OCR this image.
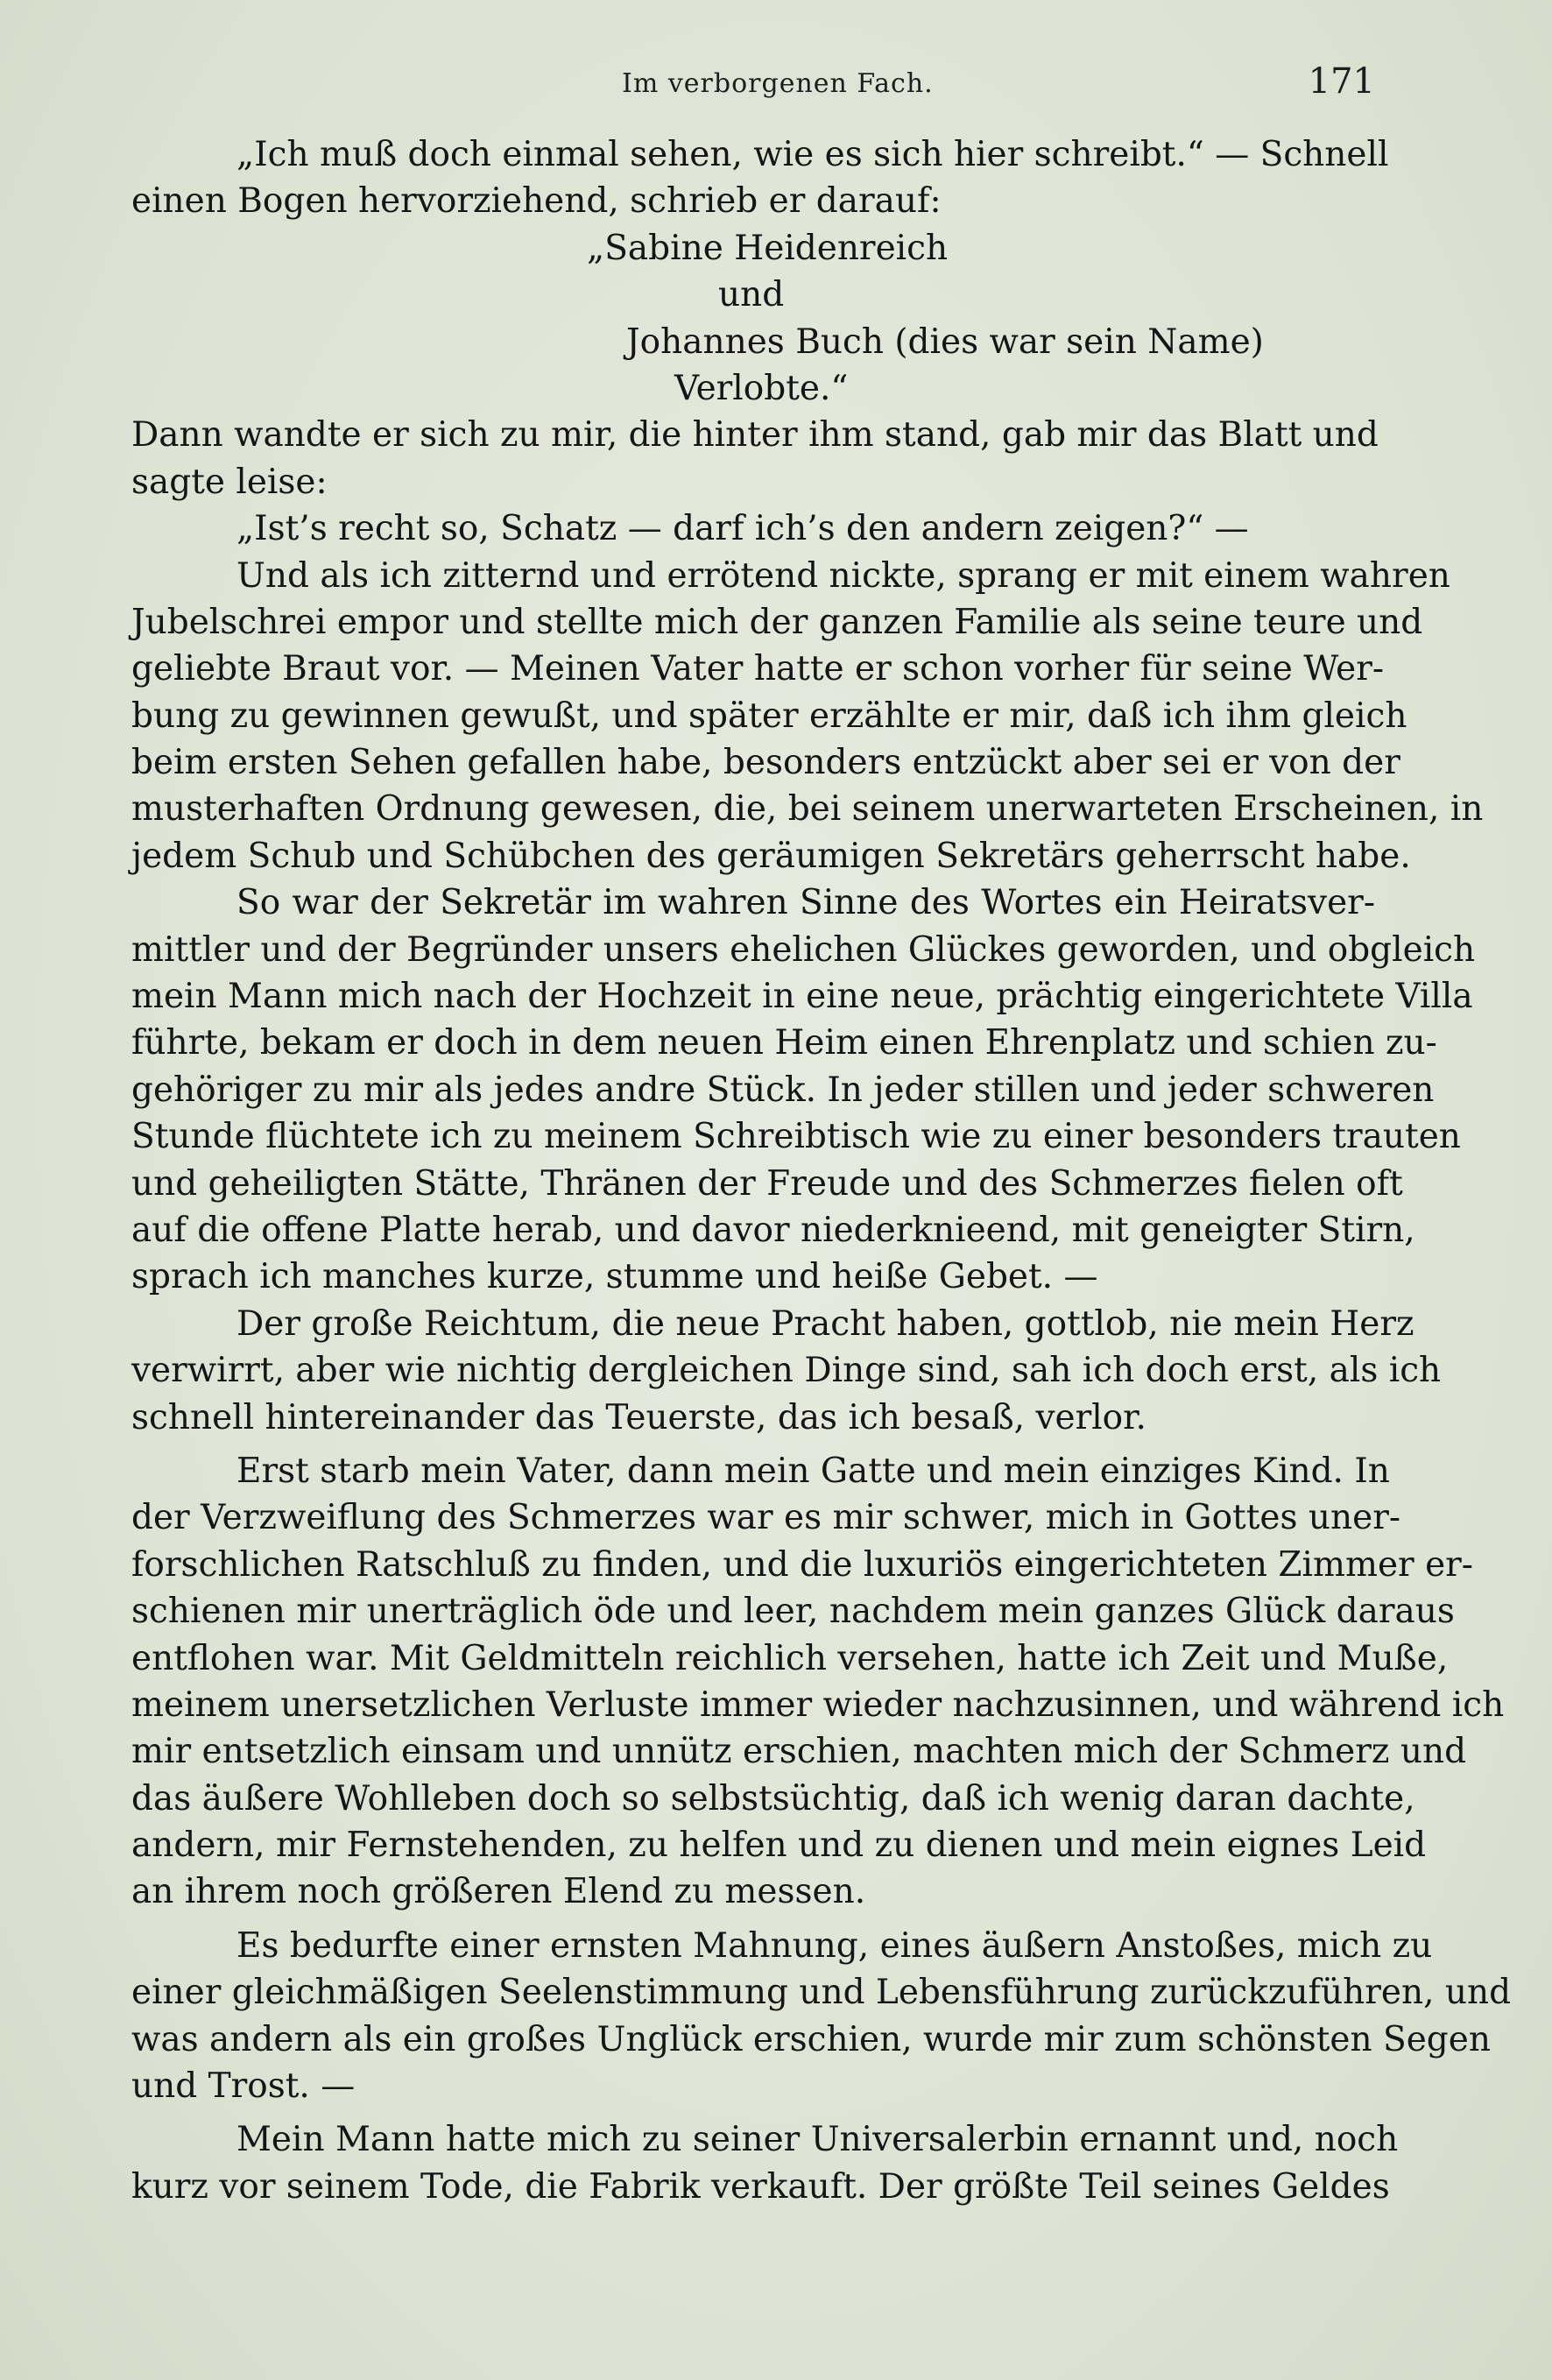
Im verborgenen Fach.	171
„Ich muß doch einmal sehen, wie es sich hier schreibt.“ — Schnell
einen Bogen hervorziehend, schrieb er darauf:
„Sabine Heidenreich
und
Johannes Buch (dies war sein Name)
Verlobte.“
Dann wandte er sich zu mir, die hinter ihm stand, gab mir das Blatt und
sagte leise:
„Ist’s recht so, Schatz — darf ich’s den andern zeigen?“ —
Und als ich zitternd und errötend nickte, sprang er mit einem wahren
Jubelschrei empor und stellte mich der ganzen Familie als seine teure und
geliebte Braut vor. — Meinen Vater hatte er schon vorher für seine Wer-
bung zu gewinnen gewußt, und später erzählte er mir, daß ich ihm gleich
beim ersten Sehen gefallen habe, besonders entzückt aber sei er von der
musterhaften Ordnung gewesen, die, bei seinem unerwarteten Erscheinen, in
jedem Schub und Schübchen des geräumigen Sekretärs geherrscht habe.
So war der Sekretär im wahren Sinne des Wortes ein Heiratsver-
mittler und der Begründer unsers ehelichen Glückes geworden, und obgleich
mein Mann mich nach der Hochzeit in eine neue, prächtig eingerichtete Villa
führte, bekam er doch in dem neuen Heim einen Ehrenplatz und schien zu-
gehöriger zu mir als jedes andre Stück. In jeder stillen und jeder schweren
Stunde flüchtete ich zu meinem Schreibtisch wie zu einer besonders trauten
und geheiligten Stätte, Thränen der Freude und des Schmerzes fielen oft
auf die offene Platte herab, und davor niederknieend, mit geneigter Stirn,
sprach ich manches kurze, stumme und heiße Gebet. —
Der große Reichtum, die neue Pracht haben, gottlob, nie mein Herz
verwirrt, aber wie nichtig dergleichen Dinge sind, sah ich doch erst, als ich
schnell hintereinander das Teuerste, das ich besaß, verlor.
Erst starb mein Vater, dann mein Gatte und mein einziges Kind. In
der Verzweiflung des Schmerzes war es mir schwer, mich in Gottes uner-
forschlichen Ratschluß zu finden, und die luxuriös eingerichteten Zimmer er-
schienen mir unerträglich öde und leer, nachdem mein ganzes Glück daraus
entflohen war. Mit Geldmitteln reichlich versehen, hatte ich Zeit und Muße,
meinem unersetzlichen Verluste immer wieder nachzusinnen, und während ich
mir entsetzlich einsam und unnütz erschien, machten mich der Schmerz und
das äußere Wohlleben doch so selbstsüchtig, daß ich wenig daran dachte,
andern, mir Fernstehenden, zu helfen und zu dienen und mein eignes Leid
an ihrem noch größeren Elend zu messen.
Es bedurfte einer ernsten Mahnung, eines äußern Anstoßes, mich zu
einer gleichmäßigen Seelenstimmung und Lebensführung zurückzuführen, und
was andern als ein großes Unglück erschien, wurde mir zum schönsten Segen
und Trost. —
Mein Mann hatte mich zu seiner Universalerbin ernannt und, noch
kurz vor seinem Tode, die Fabrik verkauft. Der größte Teil seines Geldes
